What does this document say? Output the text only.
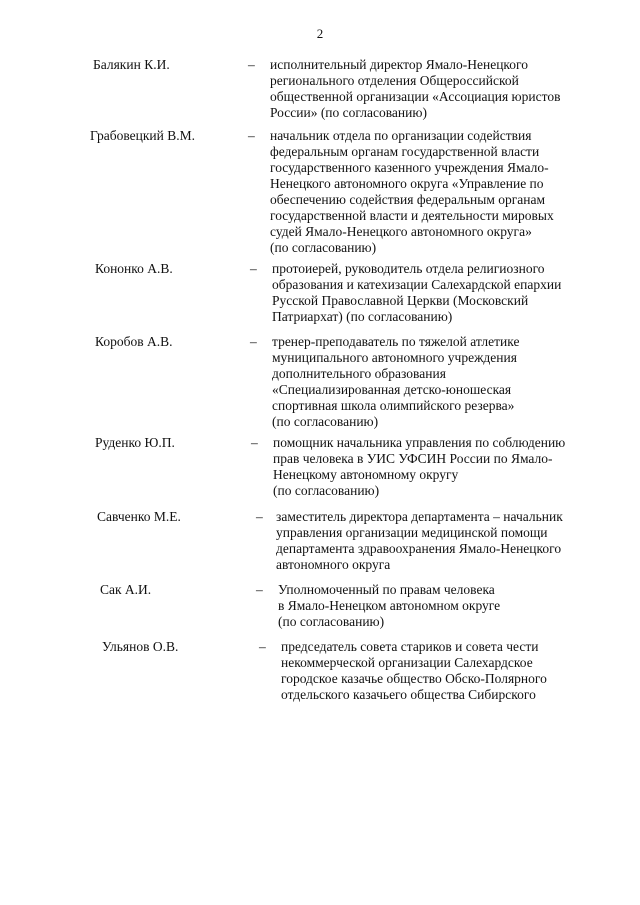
2
Балякин К.И.	– исполнительный директор Ямало-Ненецкого
регионального отделения Общероссийской
общественной организации «Ассоциация юристов
России» (по согласованию)
Грабовецкий В.М.	– начальник отдела по организации содействия
федеральным органам государственной власти
государственного казенного учреждения Ямало-
Ненецкого автономного округа «Управление по
обеспечению содействия федеральным органам
государственной власти и деятельности мировых
судей Ямало-Ненецкого автономного округа»
(по согласованию)
Кононко А.В.	– протоиерей, руководитель отдела религиозного
образования и катехизации Салехардской епархии
Русской Православной Церкви (Московский
Патриархат) (по согласованию)
Коробов А.В.	– тренер-преподаватель по тяжелой атлетике
муниципального автономного учреждения
дополнительного образования
«Специализированная детско-юношеская
спортивная школа олимпийского резерва»
(по согласованию)
Руденко Ю.П.	– помощник начальника управления по соблюдению
прав человека в УИС УФСИН России по Ямало-
Ненецкому автономному округу
(по согласованию)
Савченко М.Е.	– заместитель директора департамента – начальник
управления организации медицинской помощи
департамента здравоохранения Ямало-Ненецкого
автономного округа
Сак А.И.	– Уполномоченный по правам человека
в Ямало-Ненецком автономном округе
(по согласованию)
Ульянов О.В.	– председатель совета стариков и совета чести
некоммерческой организации Салехардское
городское казачье общество Обско-Полярного
отдельского казачьего общества Сибирского
